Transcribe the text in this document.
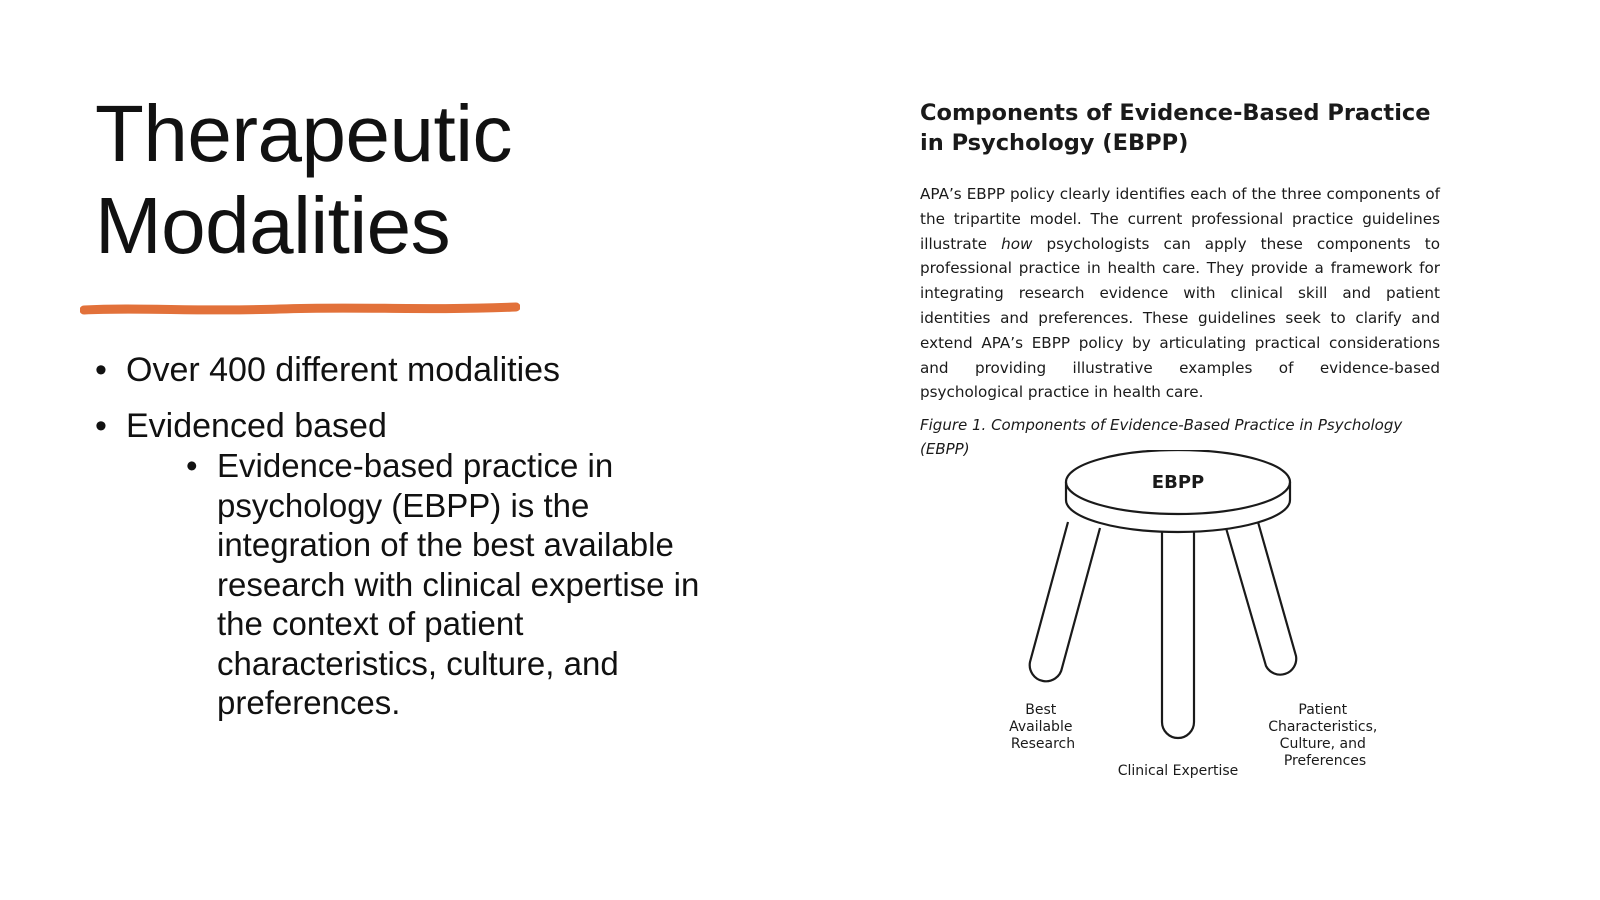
Therapeutic
Modalities
• Over 400 different modalities
• Evidenced based
• Evidence-based practice in psychology (EBPP) is the integration of the best available research with clinical expertise in the context of patient characteristics, culture, and preferences.
Components of Evidence-Based Practice in Psychology (EBPP)

APA’s EBPP policy clearly identifies each of the three components of the tripartite model. The current professional practice guidelines illustrate how psychologists can apply these components to professional practice in health care. They provide a framework for integrating research evidence with clinical skill and patient identities and preferences. These guidelines seek to clarify and extend APA’s EBPP policy by articulating practical considerations and providing illustrative examples of evidence-based psychological practice in health care.

Figure 1. Components of Evidence-Based Practice in Psychology (EBPP)
EBPP
Best Available Research
Clinical Expertise
Patient Characteristics, Culture, and Preferences
